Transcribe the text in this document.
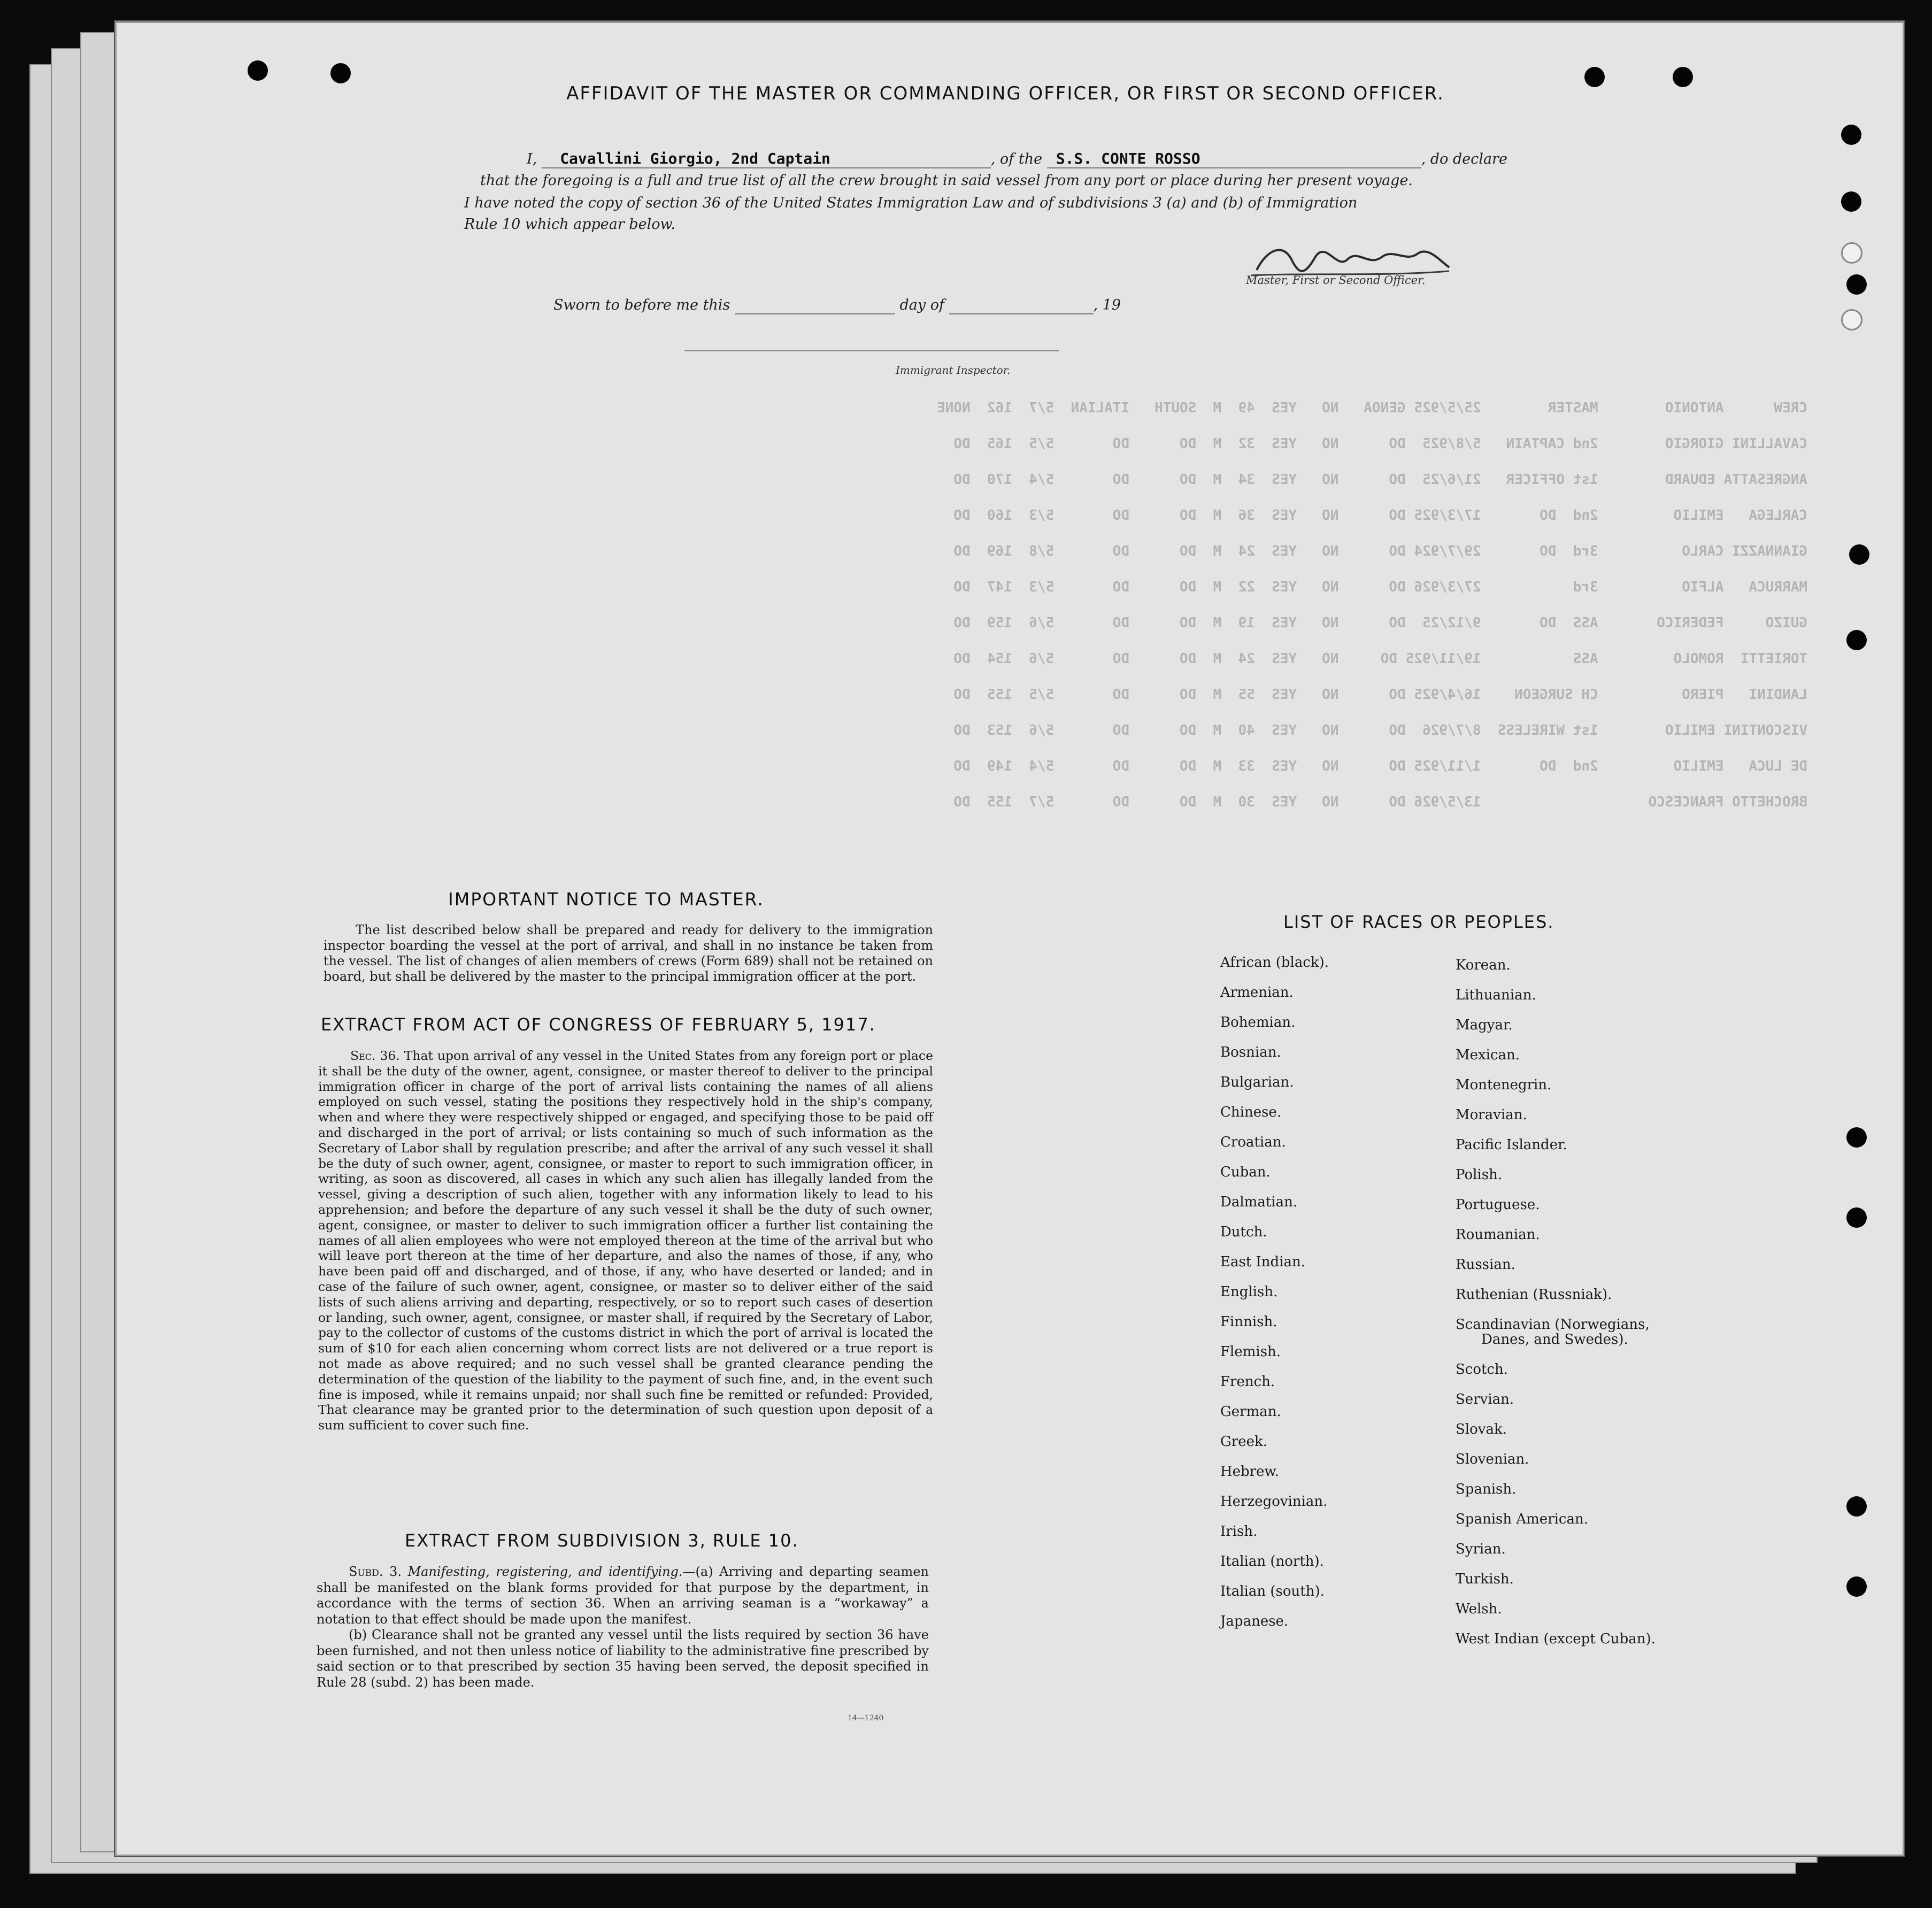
CREW      ANTONIO        MASTER        25/5/925 GENOA   NO   YES  49  M  SOUTH   ITALIAN  5/7  162  NONE
CAVALLINI GIORGIO        2nd CAPTAIN   5/8/925  DO      NO   YES  32  M  DO      DO       5/5  165  DO
ANGRESATTA EDUARD        1st OFFICER   21/6/25  DO      NO   YES  34  M  DO      DO       5/4  170  DO
CARLEGA   EMILIO         2nd  DO       17/3/925 DO      NO   YES  36  M  DO      DO       5/3  160  DO
GIANNAZZI CARLO          3rd  DO       29/7/924 DO      NO   YES  24  M  DO      DO       5/8  169  DO
MARRUCA   ALFIO          3rd           27/3/926 DO      NO   YES  22  M  DO      DO       5/3  147  DO
GUIZO     FEDERICO       ASS  DO       9/12/25  DO      NO   YES  19  M  DO      DO       5/6  159  DO
TORIETTI  ROMOLO         ASS           19/11/925 DO     NO   YES  24  M  DO      DO       5/6  154  DO
LANDINI   PIERO          CH SURGEON    16/4/925 DO      NO   YES  55  M  DO      DO       5/5  155  DO
VISCONTINI EMILIO        1st WIRELESS  8/7/926  DO      NO   YES  40  M  DO      DO       5/6  153  DO
DE LUCA   EMILIO         2nd  DO       1/11/925 DO      NO   YES  33  M  DO      DO       5/4  149  DO
BROCHETTO FRANCESCO                    13/5/926 DO      NO   YES  30  M  DO      DO       5/7  155  DO
AFFIDAVIT OF THE MASTER OR COMMANDING OFFICER, OR FIRST OR SECOND OFFICER.
I, Cavallini Giorgio, 2nd Captain	, of the S.S. CONTE ROSSO	, do declare
that the foregoing is a full and true list of all the crew brought in said vessel from any port or place during her present voyage.
I have noted the copy of section 36 of the United States Immigration Law and of subdivisions 3 (a) and (b) of Immigration
Rule 10 which appear below.
Master, First or Second Officer.
Sworn to before me this	day of	, 19
Immigrant Inspector.
IMPORTANT NOTICE TO MASTER.

The list described below shall be prepared and ready for delivery to the immigration inspector boarding the vessel at the port of arrival, and shall in no instance be taken from the vessel. The list of changes of alien members of crews (Form 689) shall not be retained on board, but shall be delivered by the master to the principal immigration officer at the port.

EXTRACT FROM ACT OF CONGRESS OF FEBRUARY 5, 1917.

Sec. 36. That upon arrival of any vessel in the United States from any foreign port or place it shall be the duty of the owner, agent, consignee, or master thereof to deliver to the principal immigration officer in charge of the port of arrival lists containing the names of all aliens employed on such vessel, stating the positions they respectively hold in the ship's company, when and where they were respectively shipped or engaged, and specifying those to be paid off and discharged in the port of arrival; or lists containing so much of such information as the Secretary of Labor shall by regulation prescribe; and after the arrival of any such vessel it shall be the duty of such owner, agent, consignee, or master to report to such immigration officer, in writing, as soon as discovered, all cases in which any such alien has illegally landed from the vessel, giving a description of such alien, together with any information likely to lead to his apprehension; and before the departure of any such vessel it shall be the duty of such owner, agent, consignee, or master to deliver to such immigration officer a further list containing the names of all alien employees who were not employed thereon at the time of the arrival but who will leave port thereon at the time of her departure, and also the names of those, if any, who have been paid off and discharged, and of those, if any, who have deserted or landed; and in case of the failure of such owner, agent, consignee, or master so to deliver either of the said lists of such aliens arriving and departing, respectively, or so to report such cases of desertion or landing, such owner, agent, consignee, or master shall, if required by the Secretary of Labor, pay to the collector of customs of the customs district in which the port of arrival is located the sum of $10 for each alien concerning whom correct lists are not delivered or a true report is not made as above required; and no such vessel shall be granted clearance pending the determination of the question of the liability to the payment of such fine, and, in the event such fine is imposed, while it remains unpaid; nor shall such fine be remitted or refunded: Provided, That clearance may be granted prior to the determination of such question upon deposit of a sum sufficient to cover such fine.

EXTRACT FROM SUBDIVISION 3, RULE 10.

Subd. 3. Manifesting, registering, and identifying.—(a) Arriving and departing seamen shall be manifested on the blank forms provided for that purpose by the department, in accordance with the terms of section 36. When an arriving seaman is a “workaway” a notation to that effect should be made upon the manifest.

(b) Clearance shall not be granted any vessel until the lists required by section 36 have been furnished, and not then unless notice of liability to the administrative fine prescribed by said section or to that prescribed by section 35 having been served, the deposit specified in Rule 28 (subd. 2) has been made.

14—1240
LIST OF RACES OR PEOPLES.
African (black).
Armenian.
Bohemian.
Bosnian.
Bulgarian.
Chinese.
Croatian.
Cuban.
Dalmatian.
Dutch.
East Indian.
English.
Finnish.
Flemish.
French.
German.
Greek.
Hebrew.
Herzegovinian.
Irish.
Italian (north).
Italian (south).
Japanese.
Korean.
Lithuanian.
Magyar.
Mexican.
Montenegrin.
Moravian.
Pacific Islander.
Polish.
Portuguese.
Roumanian.
Russian.
Ruthenian (Russniak).
Scandinavian (Norwegians,
Danes, and Swedes).
Scotch.
Servian.
Slovak.
Slovenian.
Spanish.
Spanish American.
Syrian.
Turkish.
Welsh.
West Indian (except Cuban).
